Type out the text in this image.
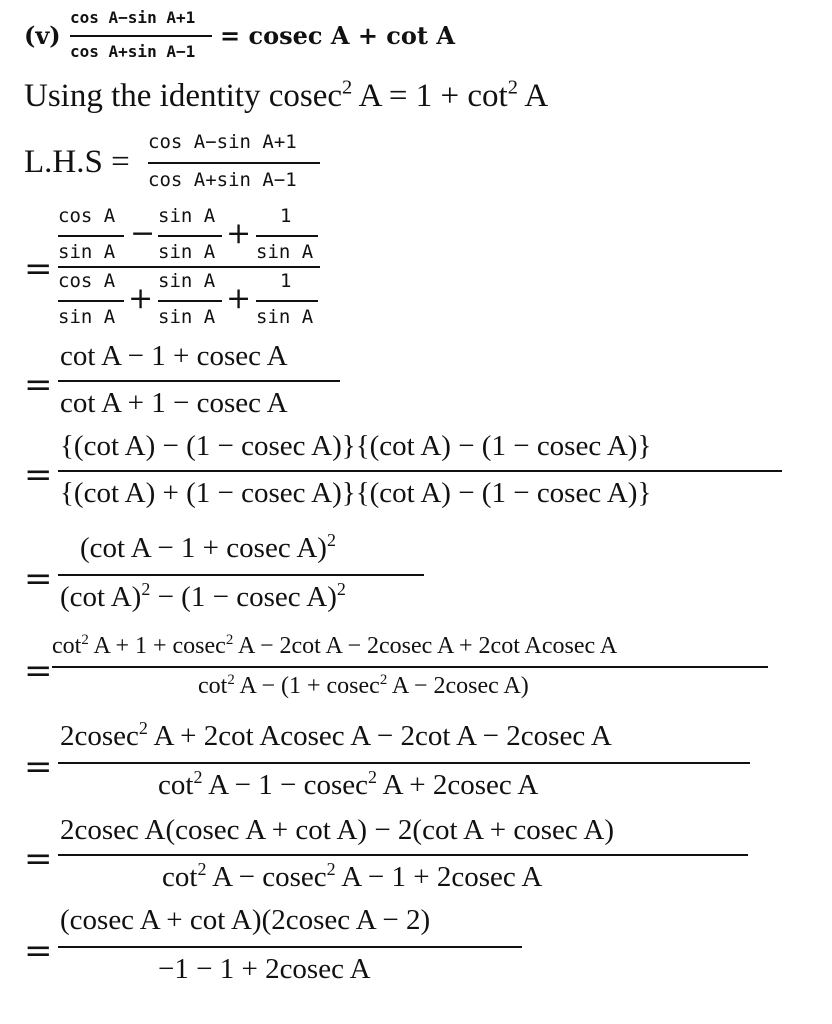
(v)
cos A−sin A+1
cos A+sin A−1
= cosec A + cot A
Using the identity cosec$^2$ $A = 1 + \cot^2 A$
L.H.S =
cos A−sin A+1
cos A+sin A−1
=
cos A
sin A
− sin A
sin A
+ 1
sin A
cos A
sin A
+ sin A
sin A
+ 1
sin A
=
cot A − 1 + cosec A
cot A + 1 − cosec A
=
{(cot A) − (1 − cosec A)}{(cot A) − (1 − cosec A)}
{(cot A) + (1 − cosec A)}{(cot A) − (1 − cosec A)}
=
(cot A − 1 + cosec A)$^2$
(cot A)$^2$ − (1 − cosec A)$^2$
=
$\cot^2 A + 1 + cosec^2$ A − 2cot A − 2cosec A + 2cot Acosec A
$\cot^2 A - (1 + cosec^2$ A − 2cosec A)
=
2cosec$^2$ A + 2cot Acosec A − 2cot A − 2cosec A
$\cot^2 A - 1 - cosec^2$ A + 2cosec A
=
2cosec A(cosec A + cot A) − 2(cot A + cosec A)
$\cot^2 A - cosec^2$ A − 1 + 2cosec A
=
(cosec A + cot A)(2cosec A − 2)
−1 − 1 + 2cosec A
